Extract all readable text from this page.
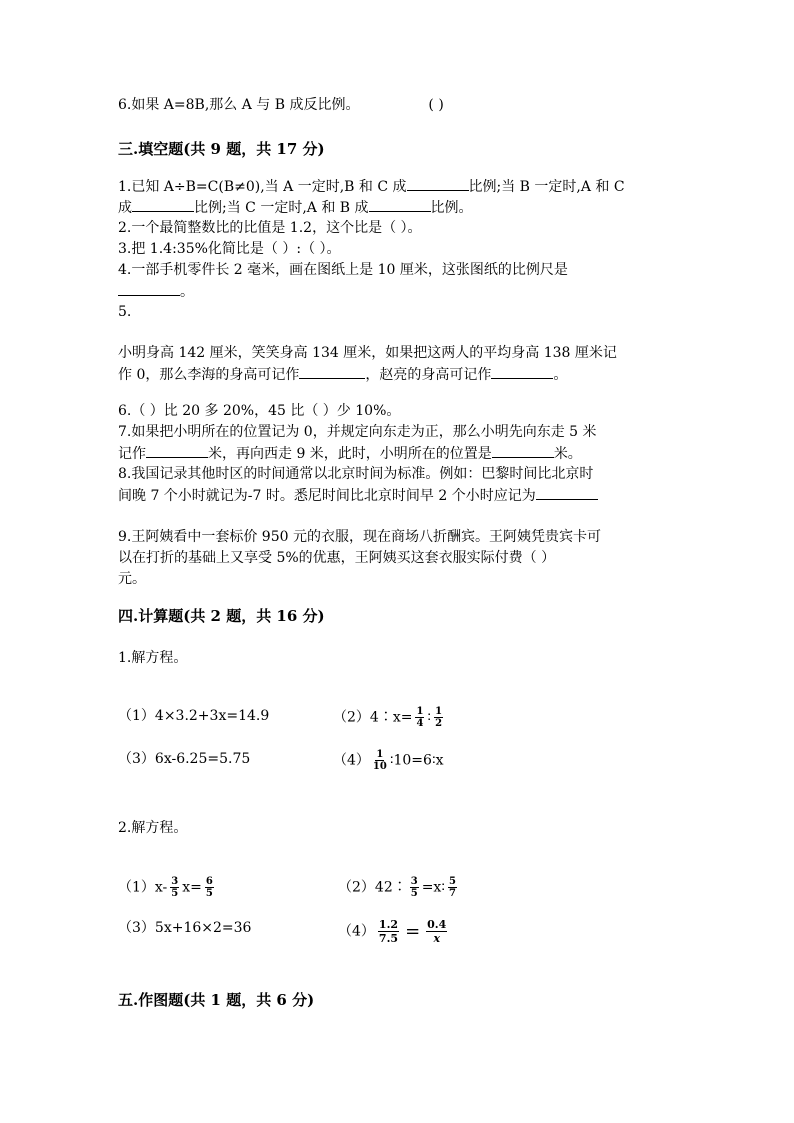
6.如果 A=8B,那么 A 与 B 成反比例。	( )
三.填空题(共 9 题，共 17 分)
1.已知 A÷B=C(B≠0),当 A 一定时,B 和 C 成	比例;当 B 一定时,A 和 C
成	比例;当 C 一定时,A 和 B 成	比例。
2.一个最简整数比的比值是 1.2，这个比是（ ）。
3.把 1.4:35%化简比是（ ）:（ ）。
4.一部手机零件长 2 毫米，画在图纸上是 10 厘米，这张图纸的比例尺是
。
5.
小明身高 142 厘米，笑笑身高 134 厘米，如果把这两人的平均身高 138 厘米记
作 0，那么李海的身高可记作	，赵亮的身高可记作	。
6.（ ）比 20 多 20%，45 比（ ）少 10%。
7.如果把小明所在的位置记为 0，并规定向东走为正，那么小明先向东走 5 米
记作	米，再向西走 9 米，此时，小明所在的位置是	米。
8.我国记录其他时区的时间通常以北京时间为标准。例如：巴黎时间比北京时
间晚 7 个小时就记为-7 时。悉尼时间比北京时间早 2 个小时应记为
9.王阿姨看中一套标价 950 元的衣服，现在商场八折酬宾。王阿姨凭贵宾卡可
以在打折的基础上又享受 5%的优惠，王阿姨买这套衣服实际付费（ ）
元。
四.计算题(共 2 题，共 16 分)
1.解方程。
（1）4×3.2+3x=14.9	（2）4∶x= $\frac{1}{4}$ ∶ $\frac{1}{2}$
（3）6x-6.25=5.75	$(4) \frac{1}{10}$ ∶10=6∶x
2.解方程。
$(1)x- \frac{3}{5} x= \frac{6}{5}$	（2）42∶ $\frac{3}{5}$ =x∶ $\frac{5}{7}$
（3）5x+16×2=36	$(4) \frac{1.2}{7.5} = \frac{0.4}{x}$
五.作图题(共 1 题，共 6 分)
